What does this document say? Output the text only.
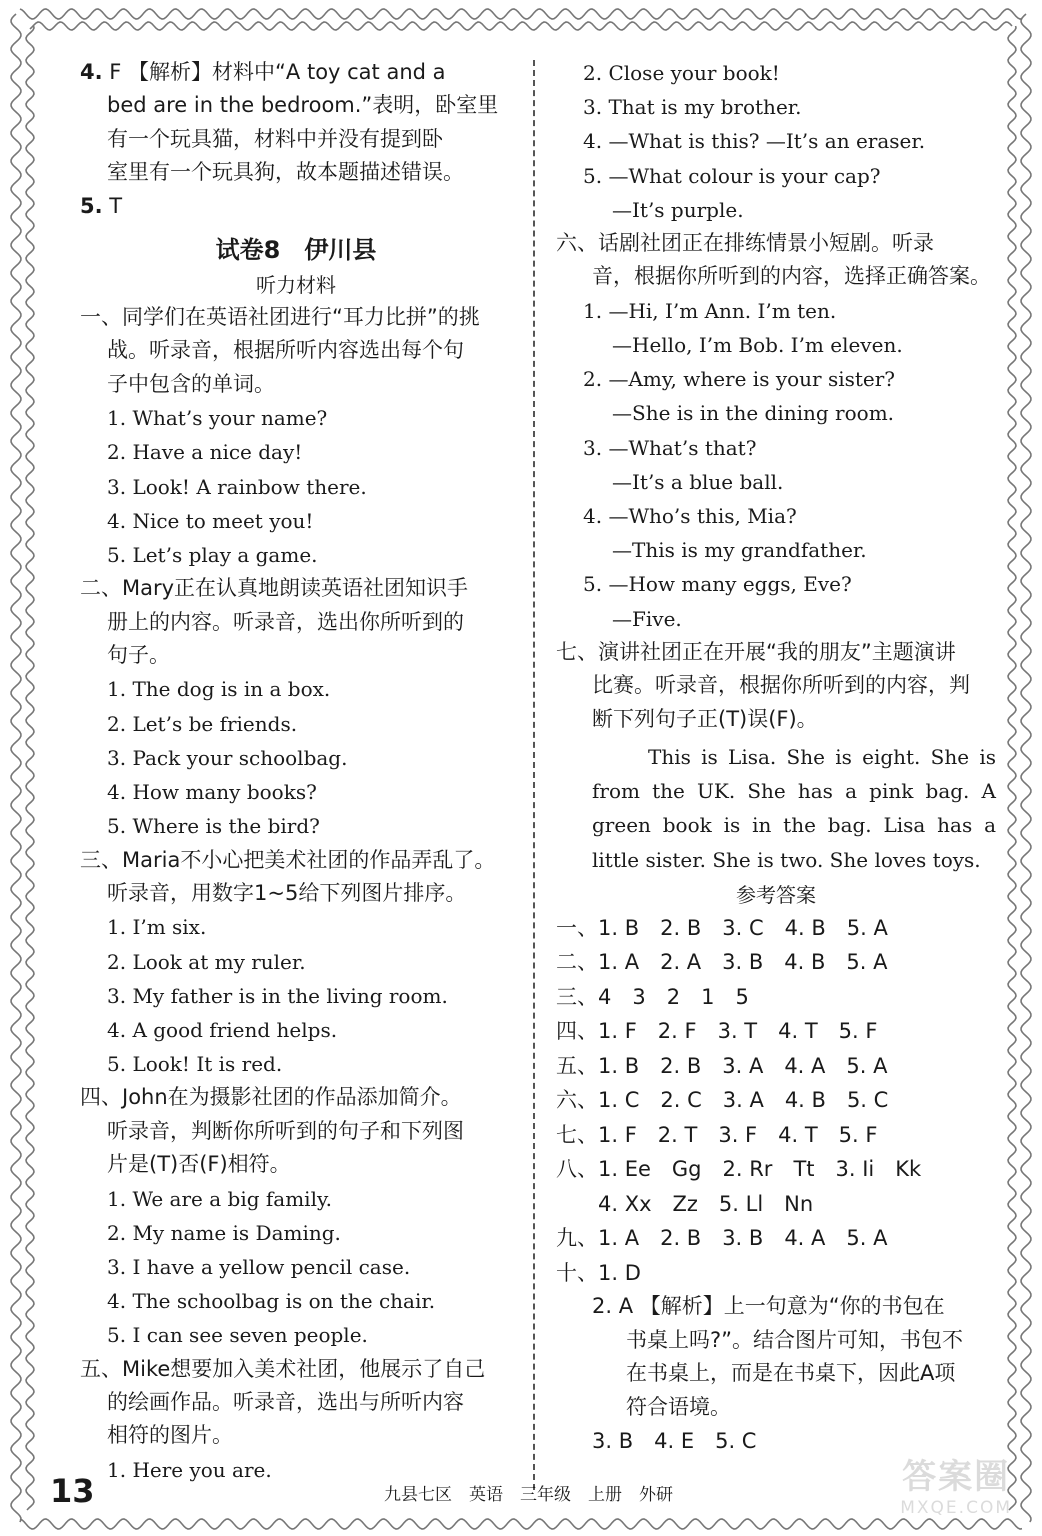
4. F 【解析】材料中“A toy cat and a
bed are in the bedroom.”表明，卧室里
有一个玩具猫，材料中并没有提到卧
室里有一个玩具狗，故本题描述错误。
5. T
试卷8　伊川县
听力材料
一、同学们在英语社团进行“耳力比拼”的挑
战。听录音，根据所听内容选出每个句
子中包含的单词。
1. What’s your name?
2. Have a nice day!
3. Look! A rainbow there.
4. Nice to meet you!
5. Let’s play a game.
二、Mary正在认真地朗读英语社团知识手
册上的内容。听录音，选出你所听到的
句子。
1. The dog is in a box.
2. Let’s be friends.
3. Pack your schoolbag.
4. How many books?
5. Where is the bird?
三、Maria不小心把美术社团的作品弄乱了。
听录音，用数字1~5给下列图片排序。
1. I’m six.
2. Look at my ruler.
3. My father is in the living room.
4. A good friend helps.
5. Look! It is red.
四、John在为摄影社团的作品添加简介。
听录音，判断你所听到的句子和下列图
片是(T)否(F)相符。
1. We are a big family.
2. My name is Daming.
3. I have a yellow pencil case.
4. The schoolbag is on the chair.
5. I can see seven people.
五、Mike想要加入美术社团，他展示了自己
的绘画作品。听录音，选出与所听内容
相符的图片。
1. Here you are.
2. Close your book!
3. That is my brother.
4. —What is this? —It’s an eraser.
5. —What colour is your cap?
—It’s purple.
六、话剧社团正在排练情景小短剧。听录
音，根据你所听到的内容，选择正确答案。
1. —Hi, I’m Ann. I’m ten.
—Hello, I’m Bob. I’m eleven.
2. —Amy, where is your sister?
—She is in the dining room.
3. —What’s that?
—It’s a blue ball.
4. —Who’s this, Mia?
—This is my grandfather.
5. —How many eggs, Eve?
—Five.
七、演讲社团正在开展“我的朋友”主题演讲
比赛。听录音，根据你所听到的内容，判
断下列句子正(T)误(F)。
This is Lisa. She is eight. She is from the UK. She has a pink bag. A green book is in the bag. Lisa has a little sister. She is two. She loves toys.
参考答案
一、1. B　2. B　3. C　4. B　5. A
二、1. A　2. A　3. B　4. B　5. A
三、4　3　2　1　5
四、1. F　2. F　3. T　4. T　5. F
五、1. B　2. B　3. A　4. A　5. A
六、1. C　2. C　3. A　4. B　5. C
七、1. F　2. T　3. F　4. T　5. F
八、1. Ee　Gg　2. Rr　Tt　3. Ii　Kk
　　4. Xx　Zz　5. Ll　Nn
九、1. A　2. B　3. B　4. A　5. A
十、1. D
2. A 【解析】上一句意为“你的书包在
书桌上吗?”。结合图片可知，书包不
在书桌上，而是在书桌下，因此A项
符合语境。
3. B　4. E　5. C
13	九县七区　英语　三年级　上册　外研	答案圈
MXQE.COM
